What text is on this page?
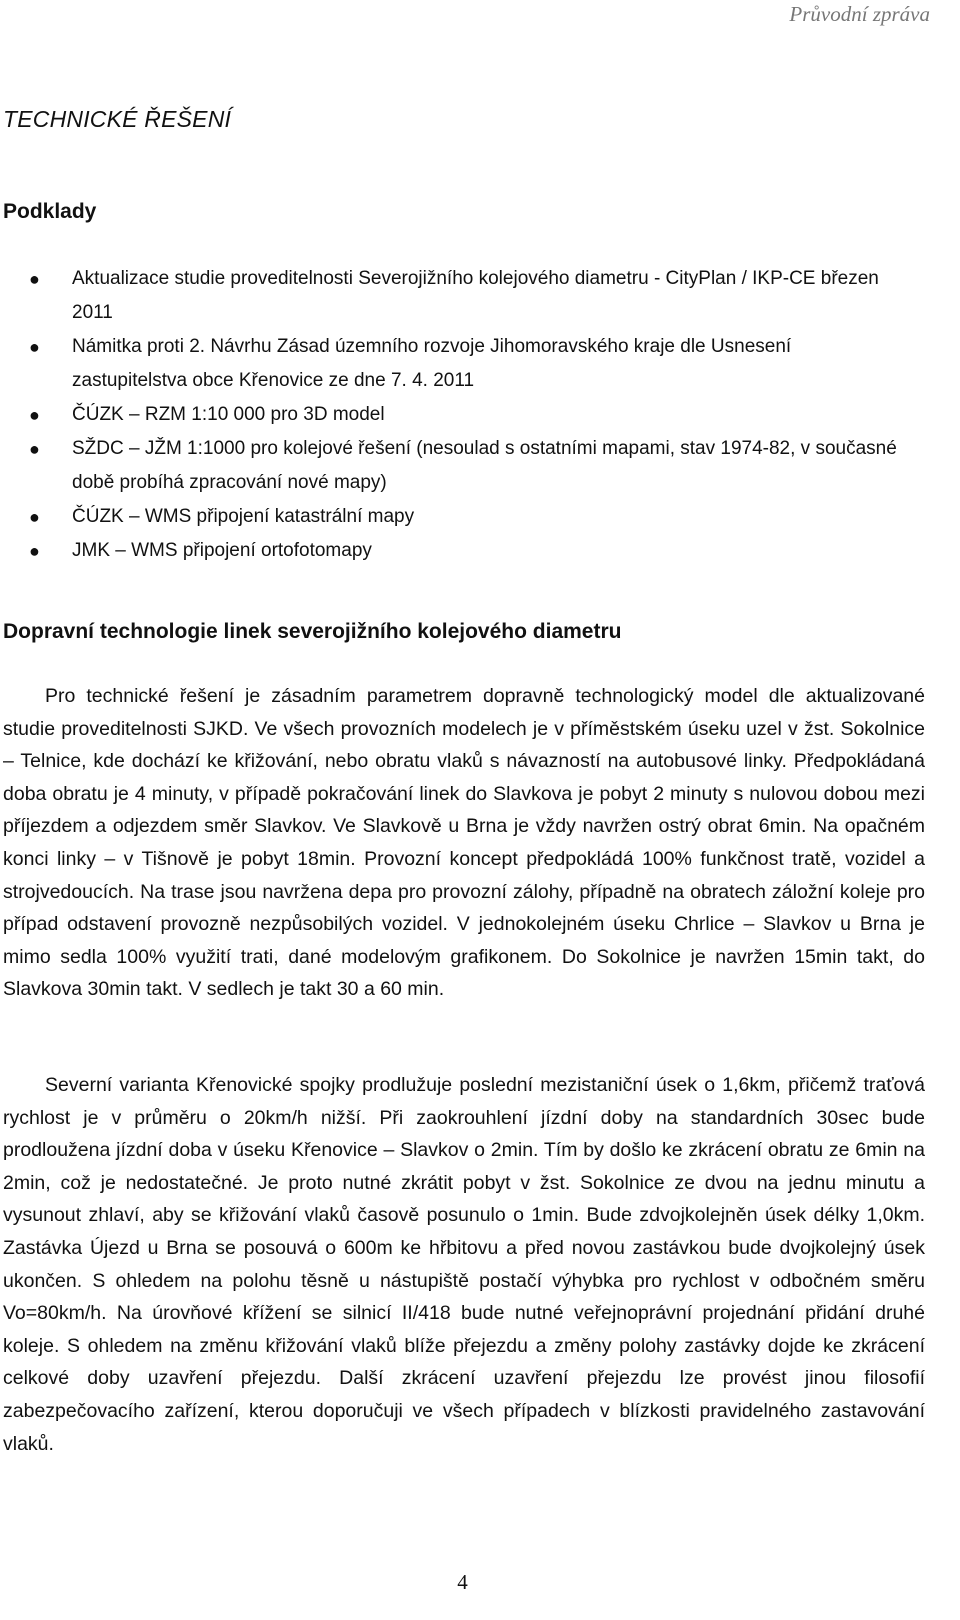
Průvodní zpráva
TECHNICKÉ ŘEŠENÍ
Podklady
● Aktualizace studie proveditelnosti Severojižního kolejového diametru - CityPlan / IKP-CE březen 2011
● Námitka proti 2. Návrhu Zásad územního rozvoje Jihomoravského kraje dle Usnesení zastupitelstva obce Křenovice ze dne 7. 4. 2011
● ČÚZK – RZM 1:10 000 pro 3D model
● SŽDC – JŽM 1:1000 pro kolejové řešení (nesoulad s ostatními mapami, stav 1974-82, v současné době probíhá zpracování nové mapy)
● ČÚZK – WMS připojení katastrální mapy
● JMK – WMS připojení ortofotomapy
Dopravní technologie linek severojižního kolejového diametru

Pro technické řešení je zásadním parametrem dopravně technologický model dle aktualizované studie proveditelnosti SJKD. Ve všech provozních modelech je v příměstském úseku uzel v žst. Sokolnice – Telnice, kde dochází ke křižování, nebo obratu vlaků s návazností na autobusové linky. Předpokládaná doba obratu je 4 minuty, v případě pokračování linek do Slavkova je pobyt 2 minuty s nulovou dobou mezi příjezdem a odjezdem směr Slavkov. Ve Slavkově u Brna je vždy navržen ostrý obrat 6min. Na opačném konci linky – v Tišnově je pobyt 18min. Provozní koncept předpokládá 100% funkčnost tratě, vozidel a strojvedoucích. Na trase jsou navržena depa pro provozní zálohy, případně na obratech záložní koleje pro případ odstavení provozně nezpůsobilých vozidel. V jednokolejném úseku Chrlice – Slavkov u Brna je mimo sedla 100% využití trati, dané modelovým grafikonem. Do Sokolnice je navržen 15min takt, do Slavkova 30min takt. V sedlech je takt 30 a 60 min.

Severní varianta Křenovické spojky prodlužuje poslední mezistaniční úsek o 1,6km, přičemž traťová rychlost je v průměru o 20km/h nižší. Při zaokrouhlení jízdní doby na standardních 30sec bude prodloužena jízdní doba v úseku Křenovice – Slavkov o 2min. Tím by došlo ke zkrácení obratu ze 6min na 2min, což je nedostatečné. Je proto nutné zkrátit pobyt v žst. Sokolnice ze dvou na jednu minutu a vysunout zhlaví, aby se křižování vlaků časově posunulo o 1min. Bude zdvojkolejněn úsek délky 1,0km. Zastávka Újezd u Brna se posouvá o 600m ke hřbitovu a před novou zastávkou bude dvojkolejný úsek ukončen. S ohledem na polohu těsně u nástupiště postačí výhybka pro rychlost v odbočném směru Vo=80km/h. Na úrovňové křížení se silnicí II/418 bude nutné veřejnoprávní projednání přidání druhé koleje. S ohledem na změnu křižování vlaků blíže přejezdu a změny polohy zastávky dojde ke zkrácení celkové doby uzavření přejezdu. Další zkrácení uzavření přejezdu lze provést jinou filosofií zabezpečovacího zařízení, kterou doporučuji ve všech případech v blízkosti pravidelného zastavování vlaků.

4
